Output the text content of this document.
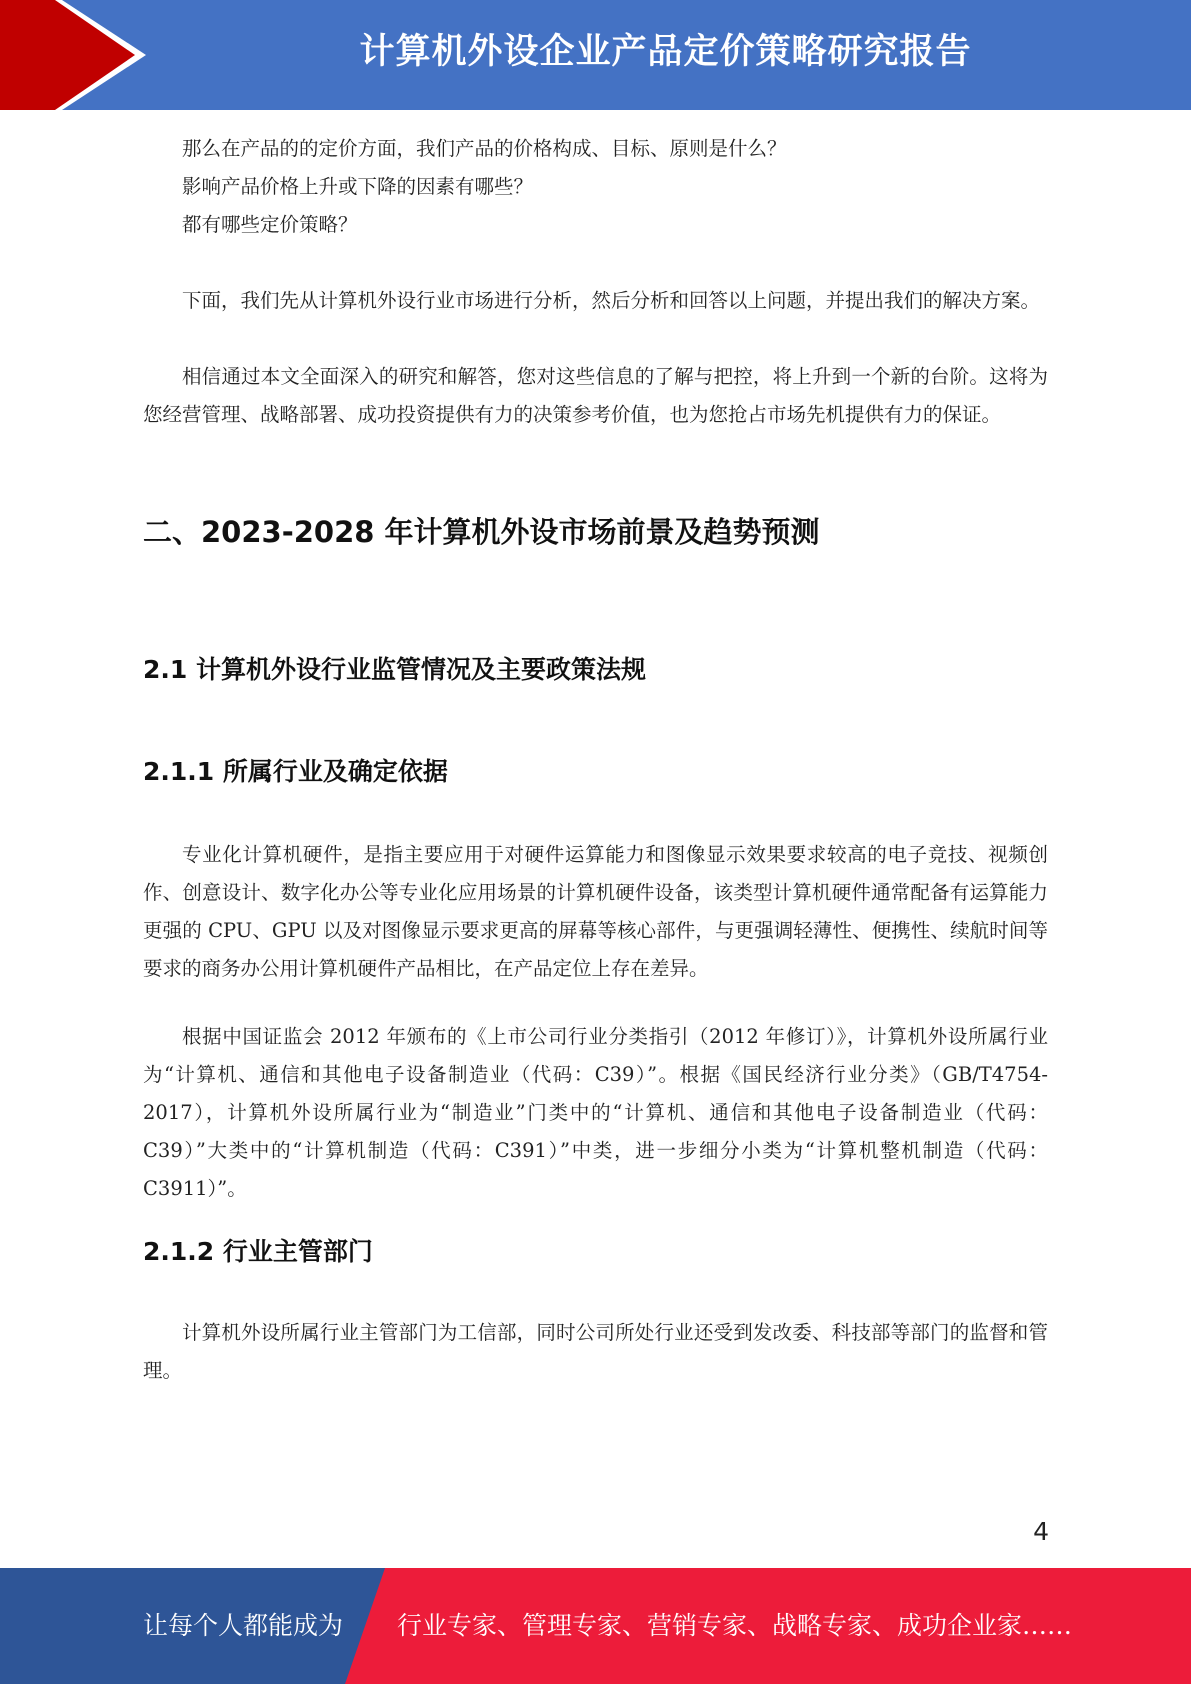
计算机外设企业产品定价策略研究报告

那么在产品的的定价方面，我们产品的价格构成、目标、原则是什么？

影响产品价格上升或下降的因素有哪些？

都有哪些定价策略？

下面，我们先从计算机外设行业市场进行分析，然后分析和回答以上问题，并提出我们的解决方案。

相信通过本文全面深入的研究和解答，您对这些信息的了解与把控，将上升到一个新的台阶。这将为您经营管理、战略部署、成功投资提供有力的决策参考价值，也为您抢占市场先机提供有力的保证。

二、2023-2028 年计算机外设市场前景及趋势预测
2.1 计算机外设行业监管情况及主要政策法规
2.1.1 所属行业及确定依据

专业化计算机硬件，是指主要应用于对硬件运算能力和图像显示效果要求较高的电子竞技、视频创作、创意设计、数字化办公等专业化应用场景的计算机硬件设备，该类型计算机硬件通常配备有运算能力更强的 CPU、GPU 以及对图像显示要求更高的屏幕等核心部件，与更强调轻薄性、便携性、续航时间等要求的商务办公用计算机硬件产品相比，在产品定位上存在差异。

根据中国证监会 2012 年颁布的《上市公司行业分类指引（2012 年修订）》，计算机外设所属行业为“计算机、通信和其他电子设备制造业（代码：C39）”。根据《国民经济行业分类》（GB/T4754-2017），计算机外设所属行业为“制造业”门类中的“计算机、通信和其他电子设备制造业（代码：C39）”大类中的“计算机制造（代码：C391）”中类，进一步细分小类为“计算机整机制造（代码：C3911）”。

2.1.2 行业主管部门

计算机外设所属行业主管部门为工信部，同时公司所处行业还受到发改委、科技部等部门的监督和管理。

4
让每个人都能成为 行业专家、管理专家、营销专家、战略专家、成功企业家……
